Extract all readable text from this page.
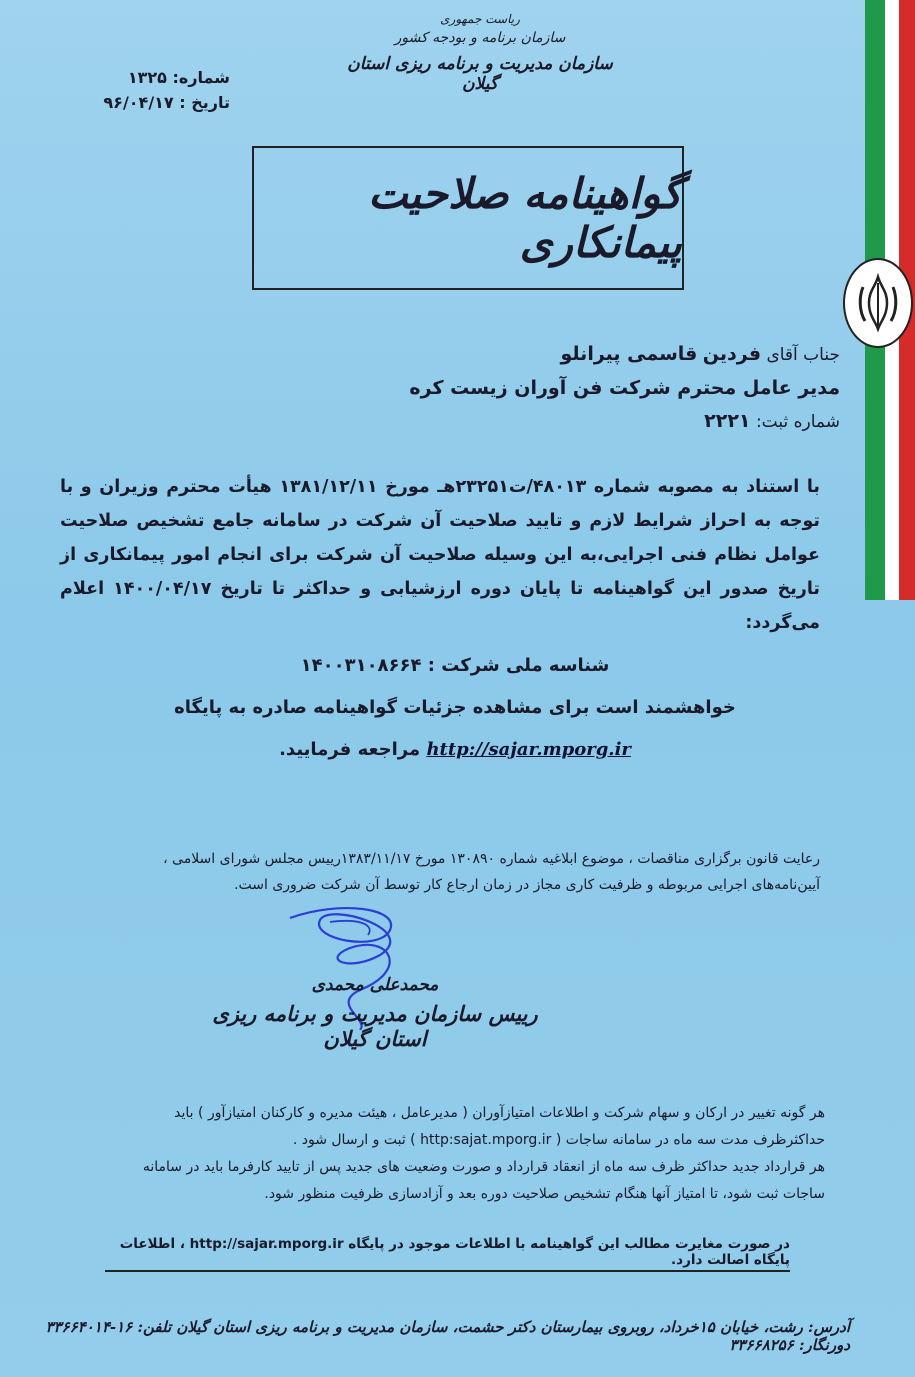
ریاست جمهوری
سازمان برنامه و بودجه کشور
سازمان مدیریت و برنامه ریزی استان گیلان
شماره: ۱۳۲۵
تاریخ : ۹۶/۰۴/۱۷
گواهینامه صلاحیت پیمانکاری
جناب آقای فردین قاسمی پیرانلو
مدیر عامل محترم شرکت فن آوران زیست کره
شماره ثبت: ۲۲۲۱
با استناد به مصوبه شماره ۴۸۰۱۳/ت۲۳۲۵۱هـ مورخ ۱۳۸۱/۱۲/۱۱ هیأت محترم وزیران و با توجه به احراز شرایط لازم و تایید صلاحیت آن شرکت در سامانه جامع تشخیص صلاحیت عوامل نظام فنی اجرایی،به این وسیله صلاحیت آن شرکت برای انجام امور پیمانکاری از تاریخ صدور این گواهینامه تا پایان دوره ارزشیابی و حداکثر تا تاریخ ۱۴۰۰/۰۴/۱۷ اعلام می‌گردد:
شناسه ملی شرکت : ۱۴۰۰۳۱۰۸۶۶۴
خواهشمند است برای مشاهده جزئیات گواهینامه صادره به پایگاه
http://sajar.mporg.ir مراجعه فرمایید.
رعایت قانون برگزاری مناقصات ، موضوع ابلاغیه شماره ۱۳۰۸۹۰ مورخ ۱۳۸۳/۱۱/۱۷رییس مجلس شورای اسلامی ، آیین‌نامه‌های اجرایی مربوطه و ظرفیت کاری مجاز در زمان ارجاع کار توسط آن شرکت ضروری است.
محمدعلی محمدی
رییس سازمان مدیریت و برنامه ریزی استان گیلان
هر گونه تغییر در ارکان و سهام شرکت و اطلاعات امتیازآوران ( مدیرعامل ، هیئت مدیره و کارکنان امتیازآور ) باید حداکثرظرف مدت سه ماه در سامانه ساجات ( http:sajat.mporg.ir ) ثبت و ارسال شود .
هر قرارداد جدید حداکثر ظرف سه ماه از انعقاد قرارداد و صورت وضعیت های جدید پس از تایید کارفرما باید در سامانه ساجات ثبت شود، تا امتیاز آنها هنگام تشخیص صلاحیت دوره بعد و آزادسازی ظرفیت منظور شود.
در صورت مغایرت مطالب این گواهینامه با اطلاعات موجود در پایگاه http://sajar.mporg.ir ، اطلاعات پایگاه اصالت دارد.
آدرس: رشت، خیابان ۱۵خرداد، روبروی بیمارستان دکتر حشمت، سازمان مدیریت و برنامه ریزی استان گیلان تلفن: ۱۶-۳۳۶۶۴۰۱۴ دورنگار: ۳۳۶۶۸۲۵۶
